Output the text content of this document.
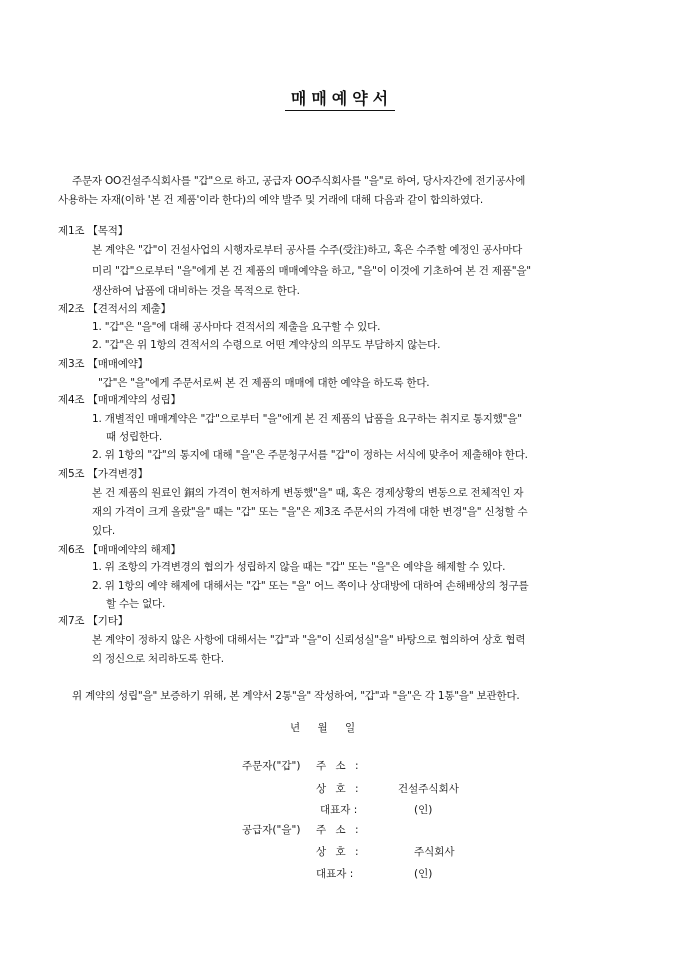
매매예약서
주문자 OO건설주식회사를 "갑"으로 하고, 공급자 OO주식회사를 "을"로 하여, 당사자간에 전기공사에
사용하는 자재(이하 '본 건 제품'이라 한다)의 예약 발주 및 거래에 대해 다음과 같이 합의하였다.
제1조 【목적】
본 계약은 "갑"이 건설사업의 시행자로부터 공사를 수주(受注)하고, 혹은 수주할 예정인 공사마다
미리 "갑"으로부터 "을"에게 본 건 제품의 매매예약을 하고, "을"이 이것에 기초하여 본 건 제품"을"
생산하여 납품에 대비하는 것을 목적으로 한다.
제2조 【견적서의 제출】
1. "갑"은 "을"에 대해 공사마다 견적서의 제출을 요구할 수 있다.
2. "갑"은 위 1항의 견적서의 수령으로 어떤 계약상의 의무도 부담하지 않는다.
제3조 【매매예약】
"갑"은 "을"에게 주문서로써 본 건 제품의 매매에 대한 예약을 하도록 한다.
제4조 【매매계약의 성립】
1. 개별적인 매매계약은 "갑"으로부터 "을"에게 본 건 제품의 납품을 요구하는 취지로 통지했"을"
때 성립한다.
2. 위 1항의 "갑"의 통지에 대해 "을"은 주문청구서를 "갑"이 정하는 서식에 맞추어 제출해야 한다.
제5조 【가격변경】
본 건 제품의 원료인 銅의 가격이 현저하게 변동했"을" 때, 혹은 경제상황의 변동으로 전체적인 자
재의 가격이 크게 올랐"을" 때는 "갑" 또는 "을"은 제3조 주문서의 가격에 대한 변경"을" 신청할 수
있다.
제6조 【매매예약의 해제】
1. 위 조항의 가격변경의 협의가 성립하지 않을 때는 "갑" 또는 "을"은 예약을 해제할 수 있다.
2. 위 1항의 예약 해제에 대해서는 "갑" 또는 "을" 어느 쪽이나 상대방에 대하여 손해배상의 청구를
할 수는 없다.
제7조 【기타】
본 계약이 정하지 않은 사항에 대해서는 "갑"과 "을"이 신뢰성실"을" 바탕으로 협의하여 상호 협력
의 정신으로 처리하도록 한다.
위 계약의 성립"을" 보증하기 위해, 본 계약서 2통"을" 작성하여, "갑"과 "을"은 각 1통"을" 보관한다.
년 월 일
주문자("갑") 주 소 :
상 호 :	건설주식회사
대표자 :	(인)
공급자("을") 주 소 :
상 호 :	주식회사
대표자 :	(인)
